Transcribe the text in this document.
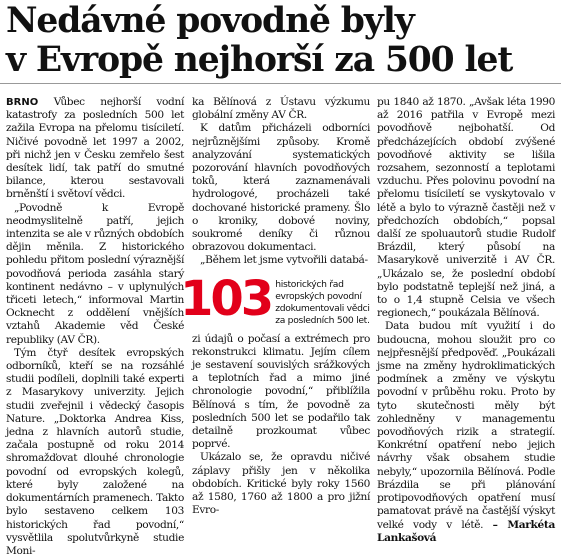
Nedávné povodně byly
v Evropě nejhorší za 500 let

BRNO Vůbec nejhorší vodní katastrofy za posledních 500 let zažila Evropa na přelomu tisíciletí. Ničivé povodně let 1997 a 2002, při nichž jen v Česku zemřelo šest desítek lidí, tak patří do smutné bilance, kterou sestavovali brněnští i světoví vědci.

„Povodně k Evropě neodmyslitelně patří, jejich intenzita se ale v různých obdobích dějin měnila. Z historického pohledu přitom poslední výraznější povodňová perioda zasáhla starý kontinent nedávno – v uplynulých třiceti letech,“ informoval Martin Ocknecht z oddělení vnějších vztahů Akademie věd České republiky (AV ČR).

Tým čtyř desítek evropských odborníků, kteří se na rozsáhlé studii podíleli, doplnili také experti z Masarykovy univerzity. Jejich studii zveřejnil i vědecký časopis Nature. „Doktorka Andrea Kiss, jedna z hlavních autorů studie, začala postupně od roku 2014 shromažďovat dlouhé chronologie povodní od evropských kolegů, které byly založené na dokumentárních pramenech. Takto bylo sestaveno celkem 103 historických řad povodní,“ vysvětlila spolutvůrkyně studie Moni-

ka Bělínová z Ústavu výzkumu globální změny AV ČR.

K datům přicházeli odborníci nejrůznějšími způsoby. Kromě analyzování systematických pozorování hlavních povodňových toků, která zaznamenávali hydrologové, procházeli také dochované historické prameny. Šlo o kroniky, dobové noviny, soukromé deníky či různou obrazovou dokumentaci.

„Během let jsme vytvořili databá-

103 historických řad evropských povodní zdokumentovali vědci za posledních 500 let.

zi údajů o počasí a extrémech pro rekonstrukci klimatu. Jejím cílem je sestavení souvislých srážkových a teplotních řad a mimo jiné chronologie povodní,“ přiblížila Bělínová s tím, že povodně za posledních 500 let se podařilo tak detailně prozkoumat vůbec poprvé.

Ukázalo se, že opravdu ničivé záplavy přišly jen v několika obdobích. Kritické byly roky 1560 až 1580, 1760 až 1800 a pro jižní Evro-

pu 1840 až 1870. „Avšak léta 1990 až 2016 patřila v Evropě mezi povodňově nejbohatší. Od předcházejících období zvýšené povodňové aktivity se lišila rozsahem, sezonností a teplotami vzduchu. Přes polovinu povodní na přelomu tisíciletí se vyskytovalo v létě a bylo to výrazně častěji než v předchozích obdobích,“ popsal další ze spoluautorů studie Rudolf Brázdil, který působí na Masarykově univerzitě i AV ČR. „Ukázalo se, že poslední období bylo podstatně teplejší než jiná, a to o 1,4 stupně Celsia ve všech regionech,“ poukázala Bělínová.

Data budou mít využití i do budoucna, mohou sloužit pro co nejpřesnější předpověď. „Poukázali jsme na změny hydroklimatických podmínek a změny ve výskytu povodní v průběhu roku. Proto by tyto skutečnosti měly být zohledněny v managementu povodňových rizik a strategií. Konkrétní opatření nebo jejich návrhy však obsahem studie nebyly,“ upozornila Bělínová. Podle Brázdila se při plánování protipovodňových opatření musí pamatovat právě na častější výskyt velké vody v létě. – Markéta Lankašová
